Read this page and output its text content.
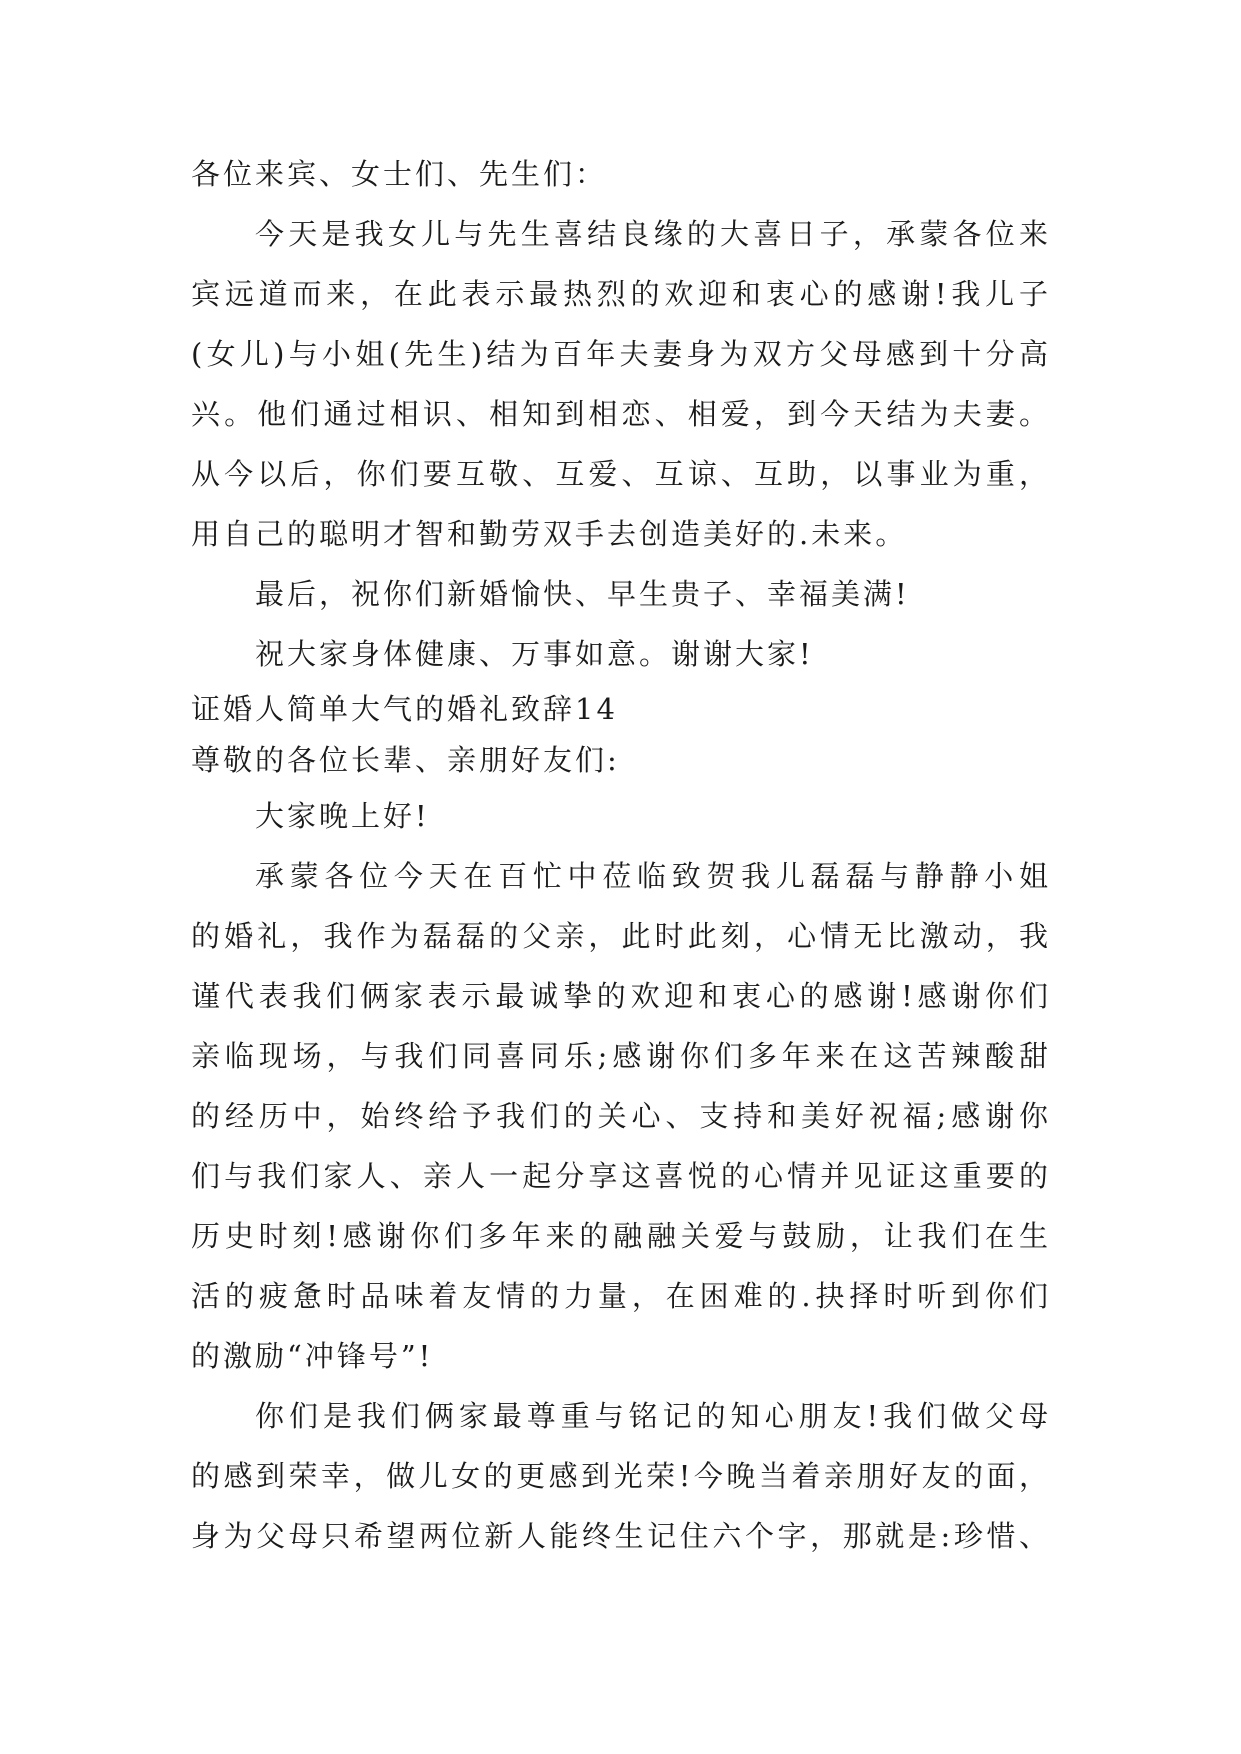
各位来宾、女士们、先生们：
今天是我女儿与先生喜结良缘的大喜日子，承蒙各位来
宾远道而来，在此表示最热烈的欢迎和衷心的感谢!我儿子
(女儿)与小姐(先生)结为百年夫妻身为双方父母感到十分高
兴。他们通过相识、相知到相恋、相爱，到今天结为夫妻。
从今以后，你们要互敬、互爱、互谅、互助，以事业为重，
用自己的聪明才智和勤劳双手去创造美好的.未来。
最后，祝你们新婚愉快、早生贵子、幸福美满!
祝大家身体健康、万事如意。谢谢大家!
证婚人简单大气的婚礼致辞14
尊敬的各位长辈、亲朋好友们:
大家晚上好!
承蒙各位今天在百忙中莅临致贺我儿磊磊与静静小姐
的婚礼，我作为磊磊的父亲，此时此刻，心情无比激动，我
谨代表我们俩家表示最诚挚的欢迎和衷心的感谢!感谢你们
亲临现场，与我们同喜同乐;感谢你们多年来在这苦辣酸甜
的经历中，始终给予我们的关心、支持和美好祝福;感谢你
们与我们家人、亲人一起分享这喜悦的心情并见证这重要的
历史时刻!感谢你们多年来的融融关爱与鼓励，让我们在生
活的疲惫时品味着友情的力量，在困难的.抉择时听到你们
的激励“冲锋号”!
你们是我们俩家最尊重与铭记的知心朋友!我们做父母
的感到荣幸，做儿女的更感到光荣!今晚当着亲朋好友的面，
身为父母只希望两位新人能终生记住六个字，那就是:珍惜、
